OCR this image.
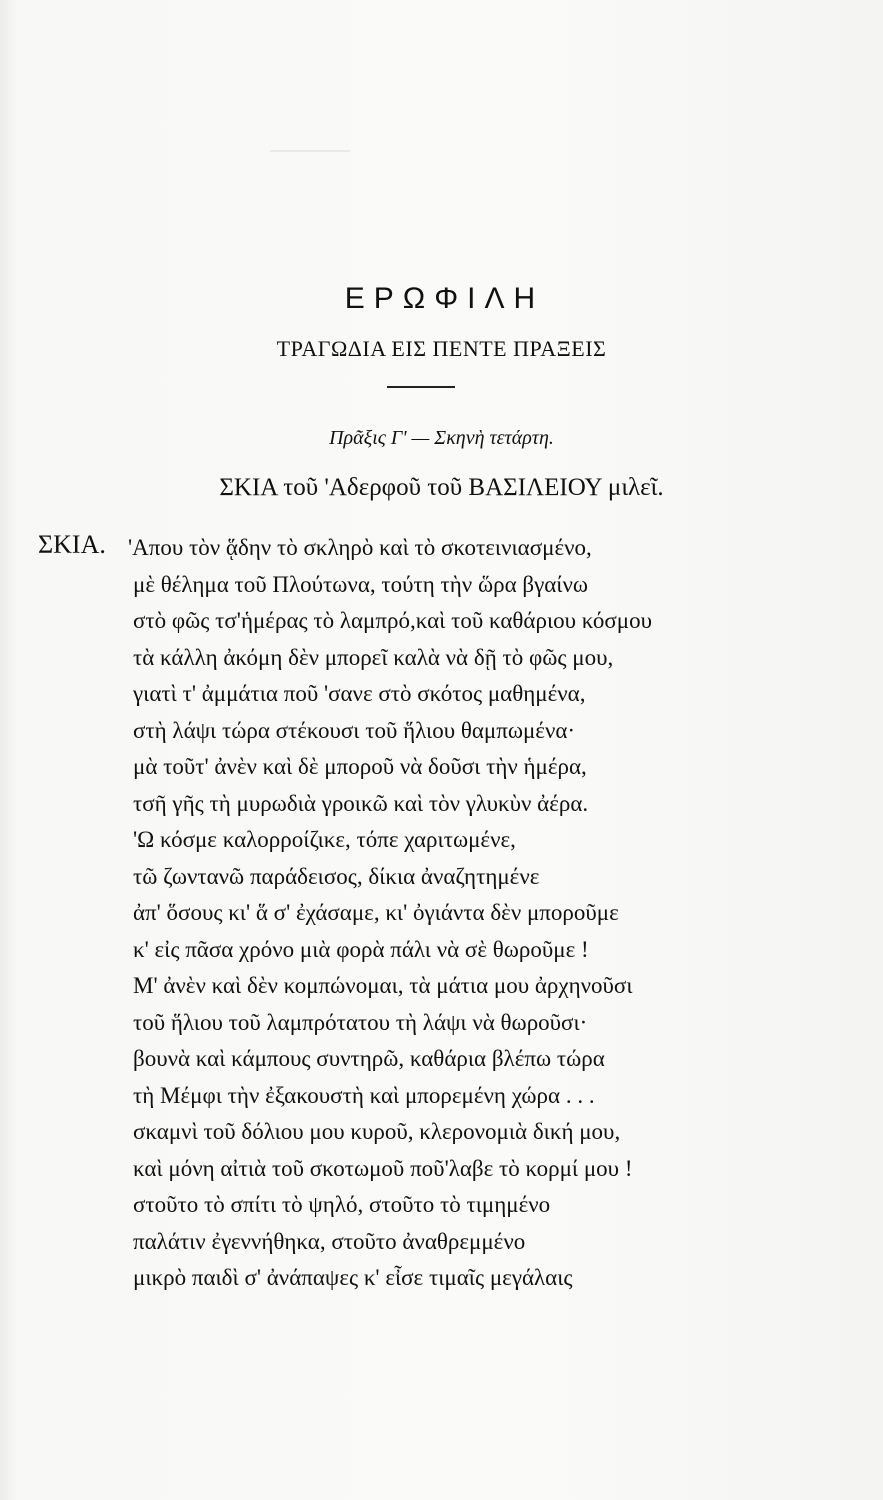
ΕΡΩΦΙΛΗ
ΤΡΑΓΩΔΙΑ ΕΙΣ ΠΕΝΤΕ ΠΡΑΞΕΙΣ
Πρᾶξις Γ' — Σκηνὴ τετάρτη.
ΣΚΙΑ τοῦ 'Αδερφοῦ τοῦ ΒΑΣΙΛΕΙΟΥ μιλεῖ.
ΣΚΙΑ. 'Απου τὸν ᾅδην τὸ σκληρὸ καὶ τὸ σκοτεινιασμένο,
μὲ θέλημα τοῦ Πλούτωνα, τούτη τὴν ὥρα βγαίνω
στὸ φῶς τσ'ἡμέρας τὸ λαμπρό,καὶ τοῦ καθάριου κόσμου
τὰ κάλλη ἀκόμη δὲν μπορεῖ καλὰ νὰ δῇ τὸ φῶς μου,
γιατὶ τ' ἀμμάτια ποῦ 'σανε στὸ σκότος μαθημένα,
στὴ λάψι τώρα στέκουσι τοῦ ἥλιου θαμπωμένα·
μὰ τοῦτ' ἀνὲν καὶ δὲ μποροῦ νὰ δοῦσι τὴν ἡμέρα,
τσῆ γῆς τὴ μυρωδιὰ γροικῶ καὶ τὸν γλυκὺν ἀέρα.
'Ω κόσμε καλορροίζικε, τόπε χαριτωμένε,
τῶ ζωντανῶ παράδεισος, δίκια ἀναζητημένε
ἀπ' ὅσους κι' ἅ σ' ἐχάσαμε, κι' ὀγιάντα δὲν μποροῦμε
κ' εἰς πᾶσα χρόνο μιὰ φορὰ πάλι νὰ σὲ θωροῦμε !
Μ' ἀνὲν καὶ δὲν κομπώνομαι, τὰ μάτια μου ἀρχηνοῦσι
τοῦ ἥλιου τοῦ λαμπρότατου τὴ λάψι νὰ θωροῦσι·
βουνὰ καὶ κάμπους συντηρῶ, καθάρια βλέπω τώρα
τὴ Μέμφι τὴν ἐξακουστὴ καὶ μπορεμένη χώρα . . .
σκαμνὶ τοῦ δόλιου μου κυροῦ, κλερονομιὰ δική μου,
καὶ μόνη αἰτιὰ τοῦ σκοτωμοῦ ποῦ'λαβε τὸ κορμί μου !
στοῦτο τὸ σπίτι τὸ ψηλό, στοῦτο τὸ τιμημένο
παλάτιν ἐγεννήθηκα, στοῦτο ἀναθρεμμένο
μικρὸ παιδὶ σ' ἀνάπαψες κ' εἶσε τιμαῖς μεγάλαις
